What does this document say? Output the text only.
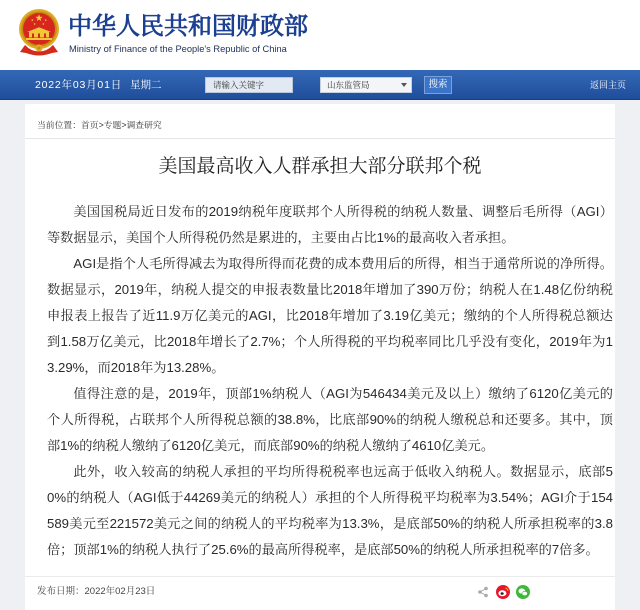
中华人民共和国财政部
Ministry of Finance of the People's Republic of China
2022年03月01日 星期二
请输入关键字	山东监管局	搜索	返回主页
当前位置：首页>专题>调查研究
美国最高收入人群承担大部分联邦个税
美国国税局近日发布的2019纳税年度联邦个人所得税的纳税人数量、调整后毛所得（AGI）
等数据显示，美国个人所得税仍然是累进的，主要由占比1%的最高收入者承担。
AGI是指个人毛所得减去为取得所得而花费的成本费用后的所得，相当于通常所说的净所得。
数据显示，2019年，纳税人提交的申报表数量比2018年增加了390万份；纳税人在1.48亿份纳税
申报表上报告了近11.9万亿美元的AGI，比2018年增加了3.19亿美元；缴纳的个人所得税总额达
到1.58万亿美元，比2018年增长了2.7%；个人所得税的平均税率同比几乎没有变化，2019年为1
3.29%，而2018年为13.28%。
值得注意的是，2019年，顶部1%纳税人（AGI为546434美元及以上）缴纳了6120亿美元的
个人所得税，占联邦个人所得税总额的38.8%，比底部90%的纳税人缴税总和还要多。其中，顶
部1%的纳税人缴纳了6120亿美元，而底部90%的纳税人缴纳了4610亿美元。
此外，收入较高的纳税人承担的平均所得税税率也远高于低收入纳税人。数据显示，底部5
0%的纳税人（AGI低于44269美元的纳税人）承担的个人所得税平均税率为3.54%；AGI介于154
589美元至221572美元之间的纳税人的平均税率为13.3%，是底部50%的纳税人所承担税率的3.8
倍；顶部1%的纳税人执行了25.6%的最高所得税率，是底部50%的纳税人所承担税率的7倍多。
发布日期：2022年02月23日
